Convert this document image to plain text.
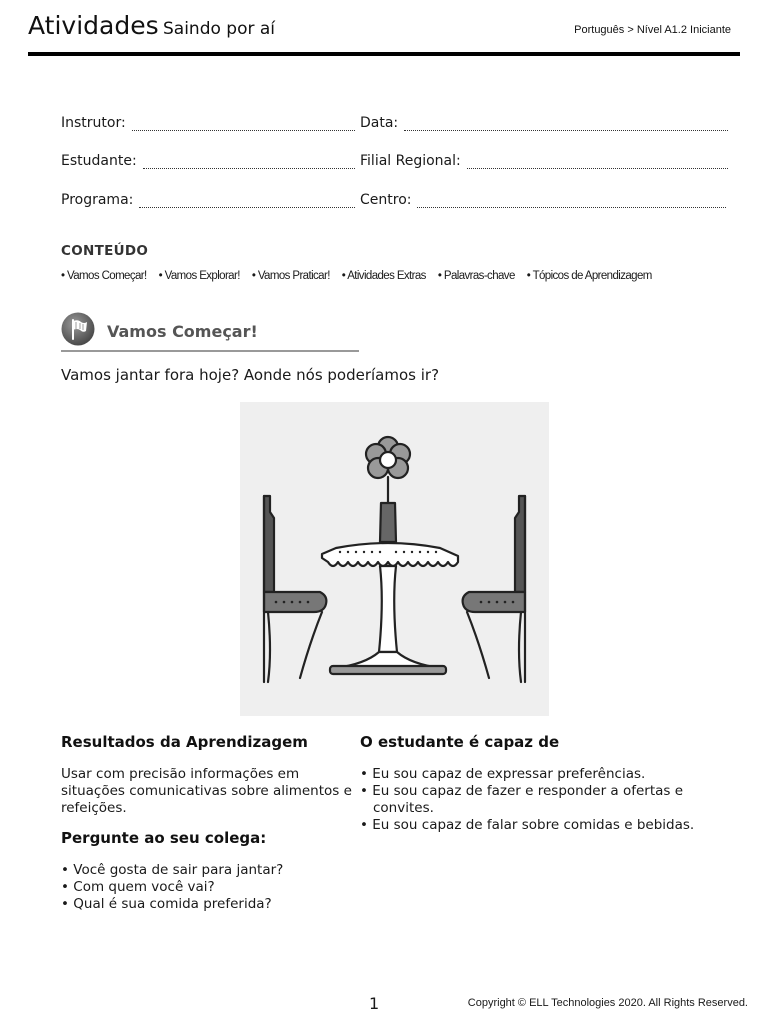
Atividades Saindo por aí	Português > Nível A1.2 Iniciante
Instrutor:	Data:
Estudante:	Filial Regional:
Programa:	Centro:
CONTEÚDO
• Vamos Começar!	• Vamos Explorar!	• Vamos Praticar!	• Atividades Extras	• Palavras-chave	• Tópicos de Aprendizagem
Vamos Começar!
Vamos jantar fora hoje? Aonde nós poderíamos ir?
Resultados da Aprendizagem
Usar com precisão informações em situações comunicativas sobre alimentos e refeições.
Pergunte ao seu colega:
• Você gosta de sair para jantar?
• Com quem você vai?
• Qual é sua comida preferida?
O estudante é capaz de
• Eu sou capaz de expressar preferências.
• Eu sou capaz de fazer e responder a ofertas e convites.
• Eu sou capaz de falar sobre comidas e bebidas.
1	Copyright © ELL Technologies 2020. All Rights Reserved.
